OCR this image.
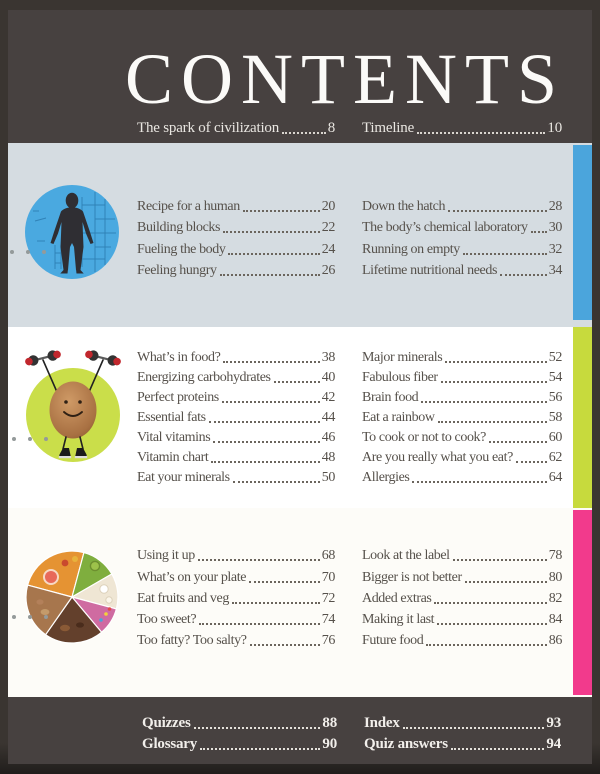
CONTENTS
The spark of civilization	8 Timeline	10
Recipe for a human	20
Building blocks	22
Fueling the body	24
Feeling hungry	26
Down the hatch	28
The body’s chemical laboratory 30
Running on empty	32
Lifetime nutritional needs	34
What’s in food?	38
Energizing carbohydrates	40
Perfect proteins	42
Essential fats	44
Vital vitamins	46
Vitamin chart	48
Eat your minerals	50
Major minerals	52
Fabulous fiber	54
Brain food	56
Eat a rainbow	58
To cook or not to cook?	60
Are you really what you eat?	62
Allergies	64
Using it up	68
What’s on your plate	70
Eat fruits and veg	72
Too sweet?	74
Too fatty? Too salty?	76
Look at the label	78
Bigger is not better	80
Added extras	82
Making it last	84
Future food	86
Quizzes	88
Glossary	90
Index	93
Quiz answers	94
